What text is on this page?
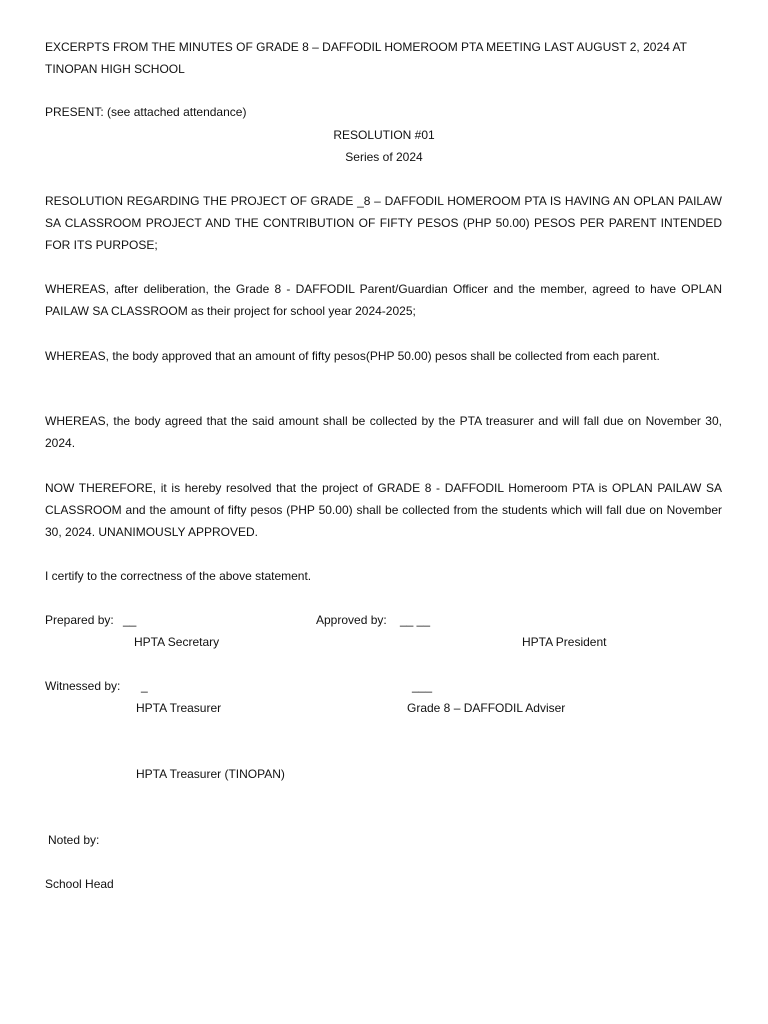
EXCERPTS FROM THE MINUTES OF GRADE 8 – DAFFODIL HOMEROOM PTA MEETING LAST AUGUST 2, 2024 AT TINOPAN HIGH SCHOOL

PRESENT: (see attached attendance)

RESOLUTION #01

Series of 2024

RESOLUTION REGARDING THE PROJECT OF GRADE _8 – DAFFODIL HOMEROOM PTA IS HAVING AN OPLAN PAILAW SA CLASSROOM PROJECT AND THE CONTRIBUTION OF FIFTY PESOS (PHP 50.00) PESOS PER PARENT INTENDED FOR ITS PURPOSE;

WHEREAS, after deliberation, the Grade 8 - DAFFODIL Parent/Guardian Officer and the member, agreed to have OPLAN PAILAW SA CLASSROOM as their project for school year 2024-2025;

WHEREAS, the body approved that an amount of fifty pesos(PHP 50.00) pesos shall be collected from each parent.

WHEREAS, the body agreed that the said amount shall be collected by the PTA treasurer and will fall due on November 30, 2024.

NOW THEREFORE, it is hereby resolved that the project of GRADE 8 - DAFFODIL Homeroom PTA is OPLAN PAILAW SA CLASSROOM and the amount of fifty pesos (PHP 50.00) shall be collected from the students which will fall due on November 30, 2024. UNANIMOUSLY APPROVED.

I certify to the correctness of the above statement.

Prepared by: __	Approved by: __ __
HPTA Secretary	HPTA President
Witnessed by: _	___
HPTA Treasurer	Grade 8 – DAFFODIL Adviser
HPTA Treasurer (TINOPAN)
Noted by:
School Head
